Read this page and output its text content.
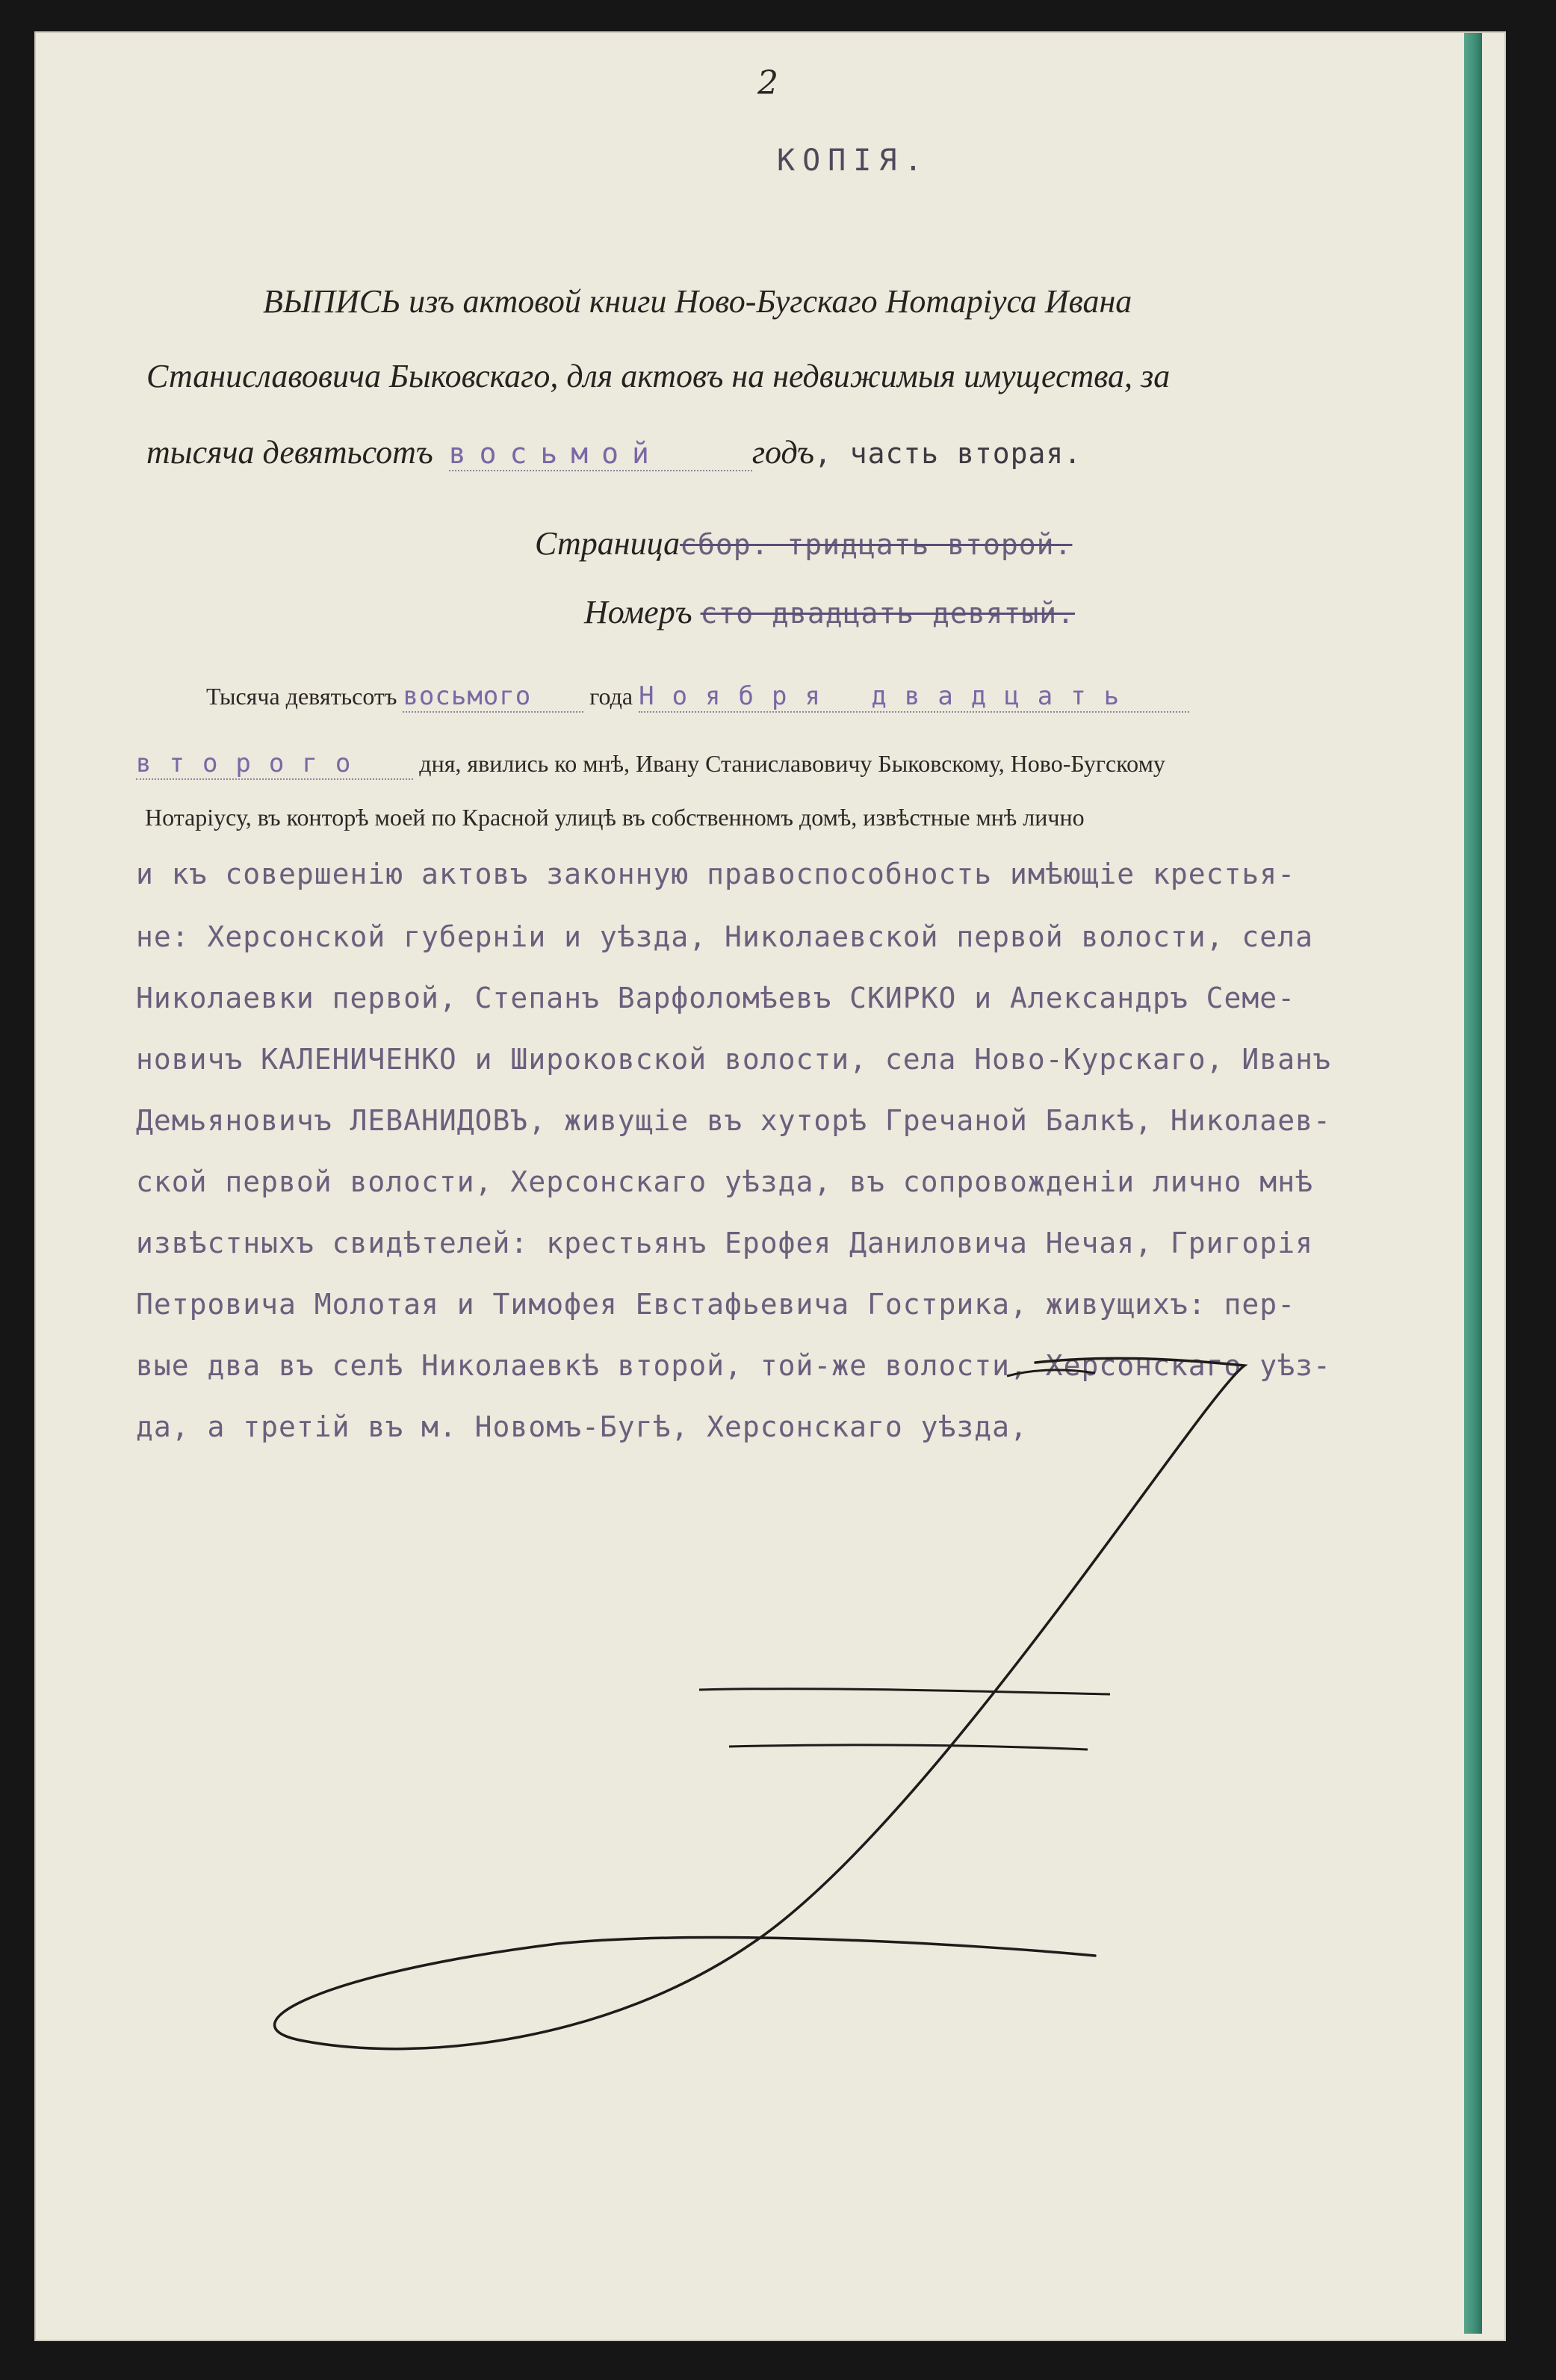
2
КОПІЯ.
ВЫПИСЬ изъ актовой книги Ново-Бугскаго Нотаріуса Ивана
Станиславовича Быковскаго, для актовъ на недвижимыя имущества, за
тысяча девятьсотъ восьмой	годъ, часть вторая.
Страницасбор. тридцать второй.
Номеръ сто двадцать девятый.
Тысяча девятьсотъ восьмого года Ноября двадцать
второго дня, явились ко мнѣ, Ивану Станиславовичу Быковскому, Ново-Бугскому
Нотаріусу, въ конторѣ моей по Красной улицѣ въ собственномъ домѣ, извѣстные мнѣ лично
и къ совершенію актовъ законную правоспособность имѣющіе крестья-
не: Херсонской губерніи и уѣзда, Николаевской первой волости, села
Николаевки первой, Степанъ Варфоломѣевъ СКИРКО и Александръ Семе-
новичъ КАЛЕНИЧЕНКО и Широковской волости, села Ново-Курскаго, Иванъ
Демьяновичъ ЛЕВАНИДОВЪ, живущіе въ хуторѣ Гречаной Балкѣ, Николаев-
ской первой волости, Херсонскаго уѣзда, въ сопровожденіи лично мнѣ
извѣстныхъ свидѣтелей: крестьянъ Ерофея Даниловича Нечая, Григорія
Петровича Молотая и Тимофея Евстафьевича Гострика, живущихъ: пер-
вые два въ селѣ Николаевкѣ второй, той-же волости, Херсонскаго уѣз-
да, а третій въ м. Новомъ-Бугѣ, Херсонскаго уѣзда,
